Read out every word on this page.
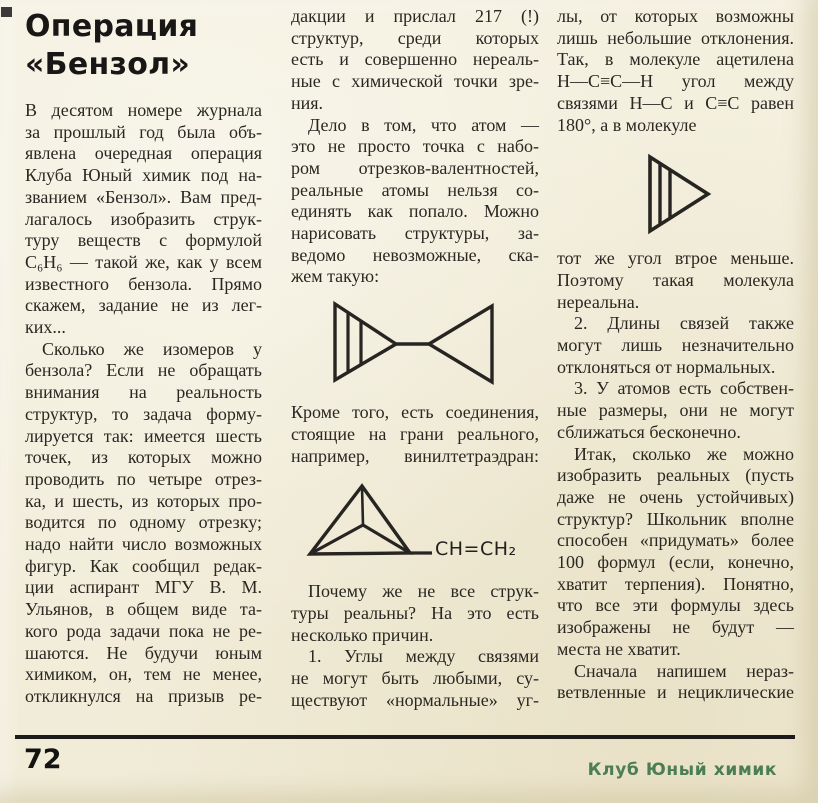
Операция
«Бензол»
В десятом номере журнала
за прошлый год была объ-
явлена очередная операция
Клуба Юный химик под на-
званием «Бензол». Вам пред-
лагалось изобразить струк-
туру веществ с формулой
С₆Н₆ — такой же, как у всем
известного бензола. Прямо
скажем, задание не из лег-
ких...
Сколько же изомеров у
бензола? Если не обращать
внимания на реальность
структур, то задача форму-
лируется так: имеется шесть
точек, из которых можно
проводить по четыре отрез-
ка, и шесть, из которых про-
водится по одному отрезку;
надо найти число возможных
фигур. Как сообщил редак-
ции аспирант МГУ В. М.
Ульянов, в общем виде та-
кого рода задачи пока не ре-
шаются. Не будучи юным
химиком, он, тем не менее,
откликнулся на призыв ре-
дакции и прислал 217 (!)
структур, среди которых
есть и совершенно нереаль-
ные с химической точки зре-
ния.
Дело в том, что атом —
это не просто точка с набо-
ром отрезков-валентностей,
реальные атомы нельзя со-
единять как попало. Можно
нарисовать структуры, за-
ведомо невозможные, ска-
жем такую:
Кроме того, есть соединения,
стоящие на грани реального,
например, винилтетраэдран:
CH=CH₂
Почему же не все струк-
туры реальны? На это есть
несколько причин.
1. Углы между связями
не могут быть любыми, су-
ществуют «нормальные» уг-
лы, от которых возможны
лишь небольшие отклонения.
Так, в молекуле ацетилена
Н—С≡С—Н угол между
связями Н—С и С≡С равен
180°, а в молекуле
тот же угол втрое меньше.
Поэтому такая молекула
нереальна.
2. Длины связей также
могут лишь незначительно
отклоняться от нормальных.
3. У атомов есть собствен-
ные размеры, они не могут
сближаться бесконечно.
Итак, сколько же можно
изобразить реальных (пусть
даже не очень устойчивых)
структур? Школьник вполне
способен «придумать» более
100 формул (если, конечно,
хватит терпения). Понятно,
что все эти формулы здесь
изображены не будут —
места не хватит.
Сначала напишем нераз-
ветвленные и нециклические
72	Клуб Юный химик
